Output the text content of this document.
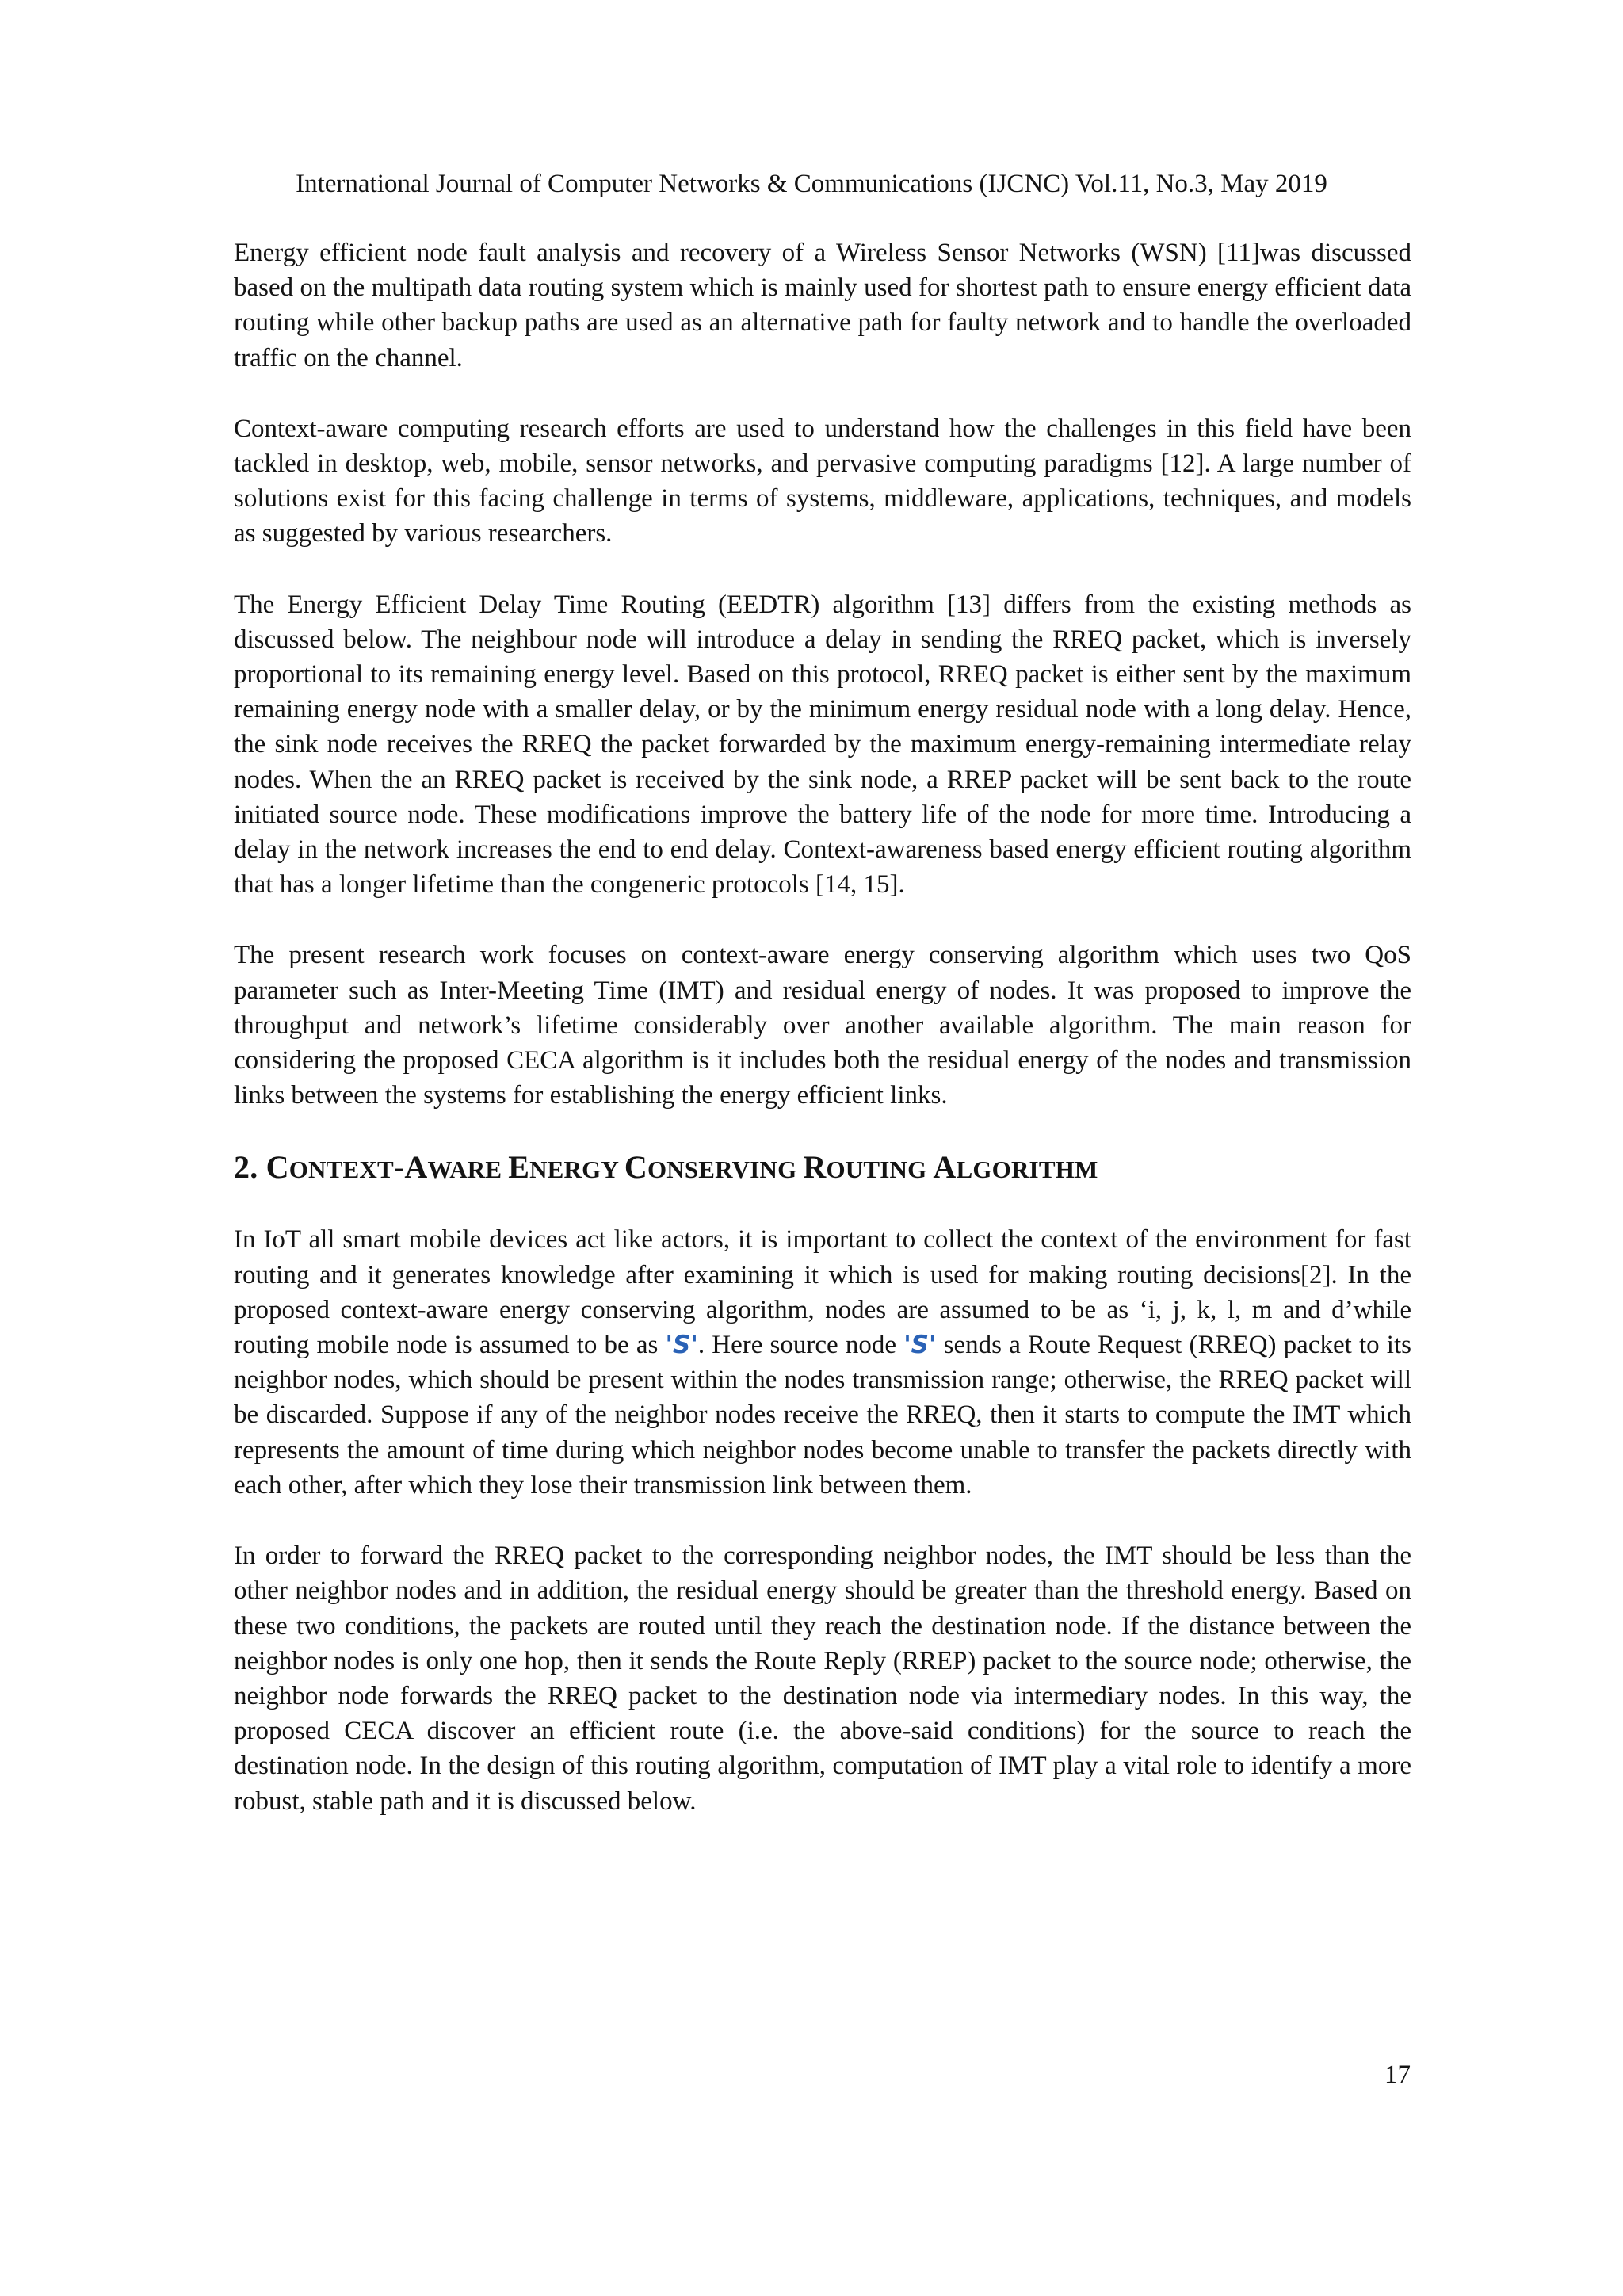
International Journal of Computer Networks & Communications (IJCNC) Vol.11, No.3, May 2019

Energy efficient node fault analysis and recovery of a Wireless Sensor Networks (WSN) [11]was discussed based on the multipath data routing system which is mainly used for shortest path to ensure energy efficient data routing while other backup paths are used as an alternative path for faulty network and to handle the overloaded traffic on the channel.

Context-aware computing research efforts are used to understand how the challenges in this field have been tackled in desktop, web, mobile, sensor networks, and pervasive computing paradigms [12]. A large number of solutions exist for this facing challenge in terms of systems, middleware, applications, techniques, and models as suggested by various researchers.

The Energy Efficient Delay Time Routing (EEDTR) algorithm [13] differs from the existing methods as discussed below. The neighbour node will introduce a delay in sending the RREQ packet, which is inversely proportional to its remaining energy level. Based on this protocol, RREQ packet is either sent by the maximum remaining energy node with a smaller delay, or by the minimum energy residual node with a long delay. Hence, the sink node receives the RREQ the packet forwarded by the maximum energy-remaining intermediate relay nodes. When the an RREQ packet is received by the sink node, a RREP packet will be sent back to the route initiated source node. These modifications improve the battery life of the node for more time. Introducing a delay in the network increases the end to end delay. Context-awareness based energy efficient routing algorithm that has a longer lifetime than the congeneric protocols [14, 15].

The present research work focuses on context-aware energy conserving algorithm which uses two QoS parameter such as Inter-Meeting Time (IMT) and residual energy of nodes. It was proposed to improve the throughput and network’s lifetime considerably over another available algorithm. The main reason for considering the proposed CECA algorithm is it includes both the residual energy of the nodes and transmission links between the systems for establishing the energy efficient links.

2. CONTEXT-AWARE ENERGY CONSERVING ROUTING ALGORITHM

In IoT all smart mobile devices act like actors, it is important to collect the context of the environment for fast routing and it generates knowledge after examining it which is used for making routing decisions[2]. In the proposed context-aware energy conserving algorithm, nodes are assumed to be as ‘i, j, k, l, m and d’while routing mobile node is assumed to be as 'S'. Here source node 'S' sends a Route Request (RREQ) packet to its neighbor nodes, which should be present within the nodes transmission range; otherwise, the RREQ packet will be discarded. Suppose if any of the neighbor nodes receive the RREQ, then it starts to compute the IMT which represents the amount of time during which neighbor nodes become unable to transfer the packets directly with each other, after which they lose their transmission link between them.

In order to forward the RREQ packet to the corresponding neighbor nodes, the IMT should be less than the other neighbor nodes and in addition, the residual energy should be greater than the threshold energy. Based on these two conditions, the packets are routed until they reach the destination node. If the distance between the neighbor nodes is only one hop, then it sends the Route Reply (RREP) packet to the source node; otherwise, the neighbor node forwards the RREQ packet to the destination node via intermediary nodes. In this way, the proposed CECA discover an efficient route (i.e. the above-said conditions) for the source to reach the destination node. In the design of this routing algorithm, computation of IMT play a vital role to identify a more robust, stable path and it is discussed below.

17
